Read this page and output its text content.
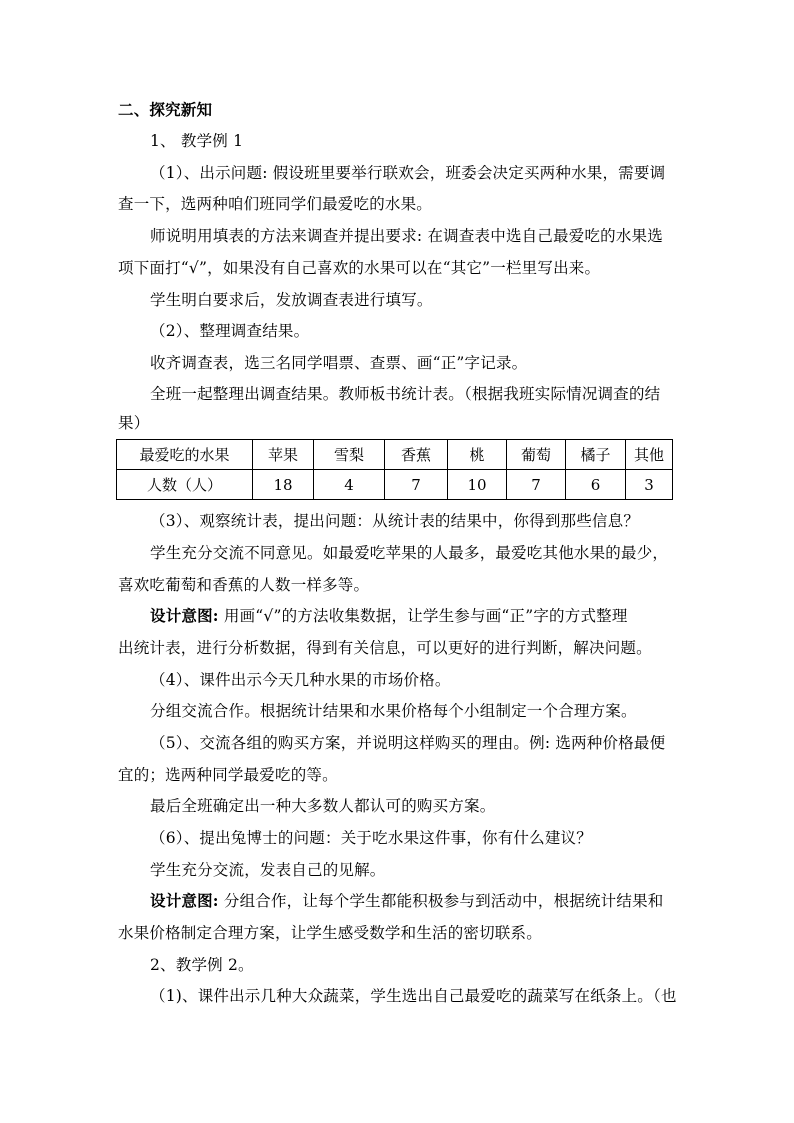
二、探究新知
1、 教学例 1
（1）、出示问题: 假设班里要举行联欢会，班委会决定买两种水果，需要调
查一下，选两种咱们班同学们最爱吃的水果。
师说明用填表的方法来调查并提出要求: 在调查表中选自己最爱吃的水果选
项下面打“√”，如果没有自己喜欢的水果可以在“其它”一栏里写出来。
学生明白要求后，发放调查表进行填写。
（2）、整理调查结果。
收齐调查表，选三名同学唱票、查票、画“正”字记录。
全班一起整理出调查结果。教师板书统计表。（根据我班实际情况调查的结
果）
最爱吃的水果	苹果	雪梨	香蕉	桃	葡萄	橘子	其他
人数（人）	18	4	7	10	7	6	3
（3）、观察统计表，提出问题：从统计表的结果中，你得到那些信息？
学生充分交流不同意见。如最爱吃苹果的人最多，最爱吃其他水果的最少，
喜欢吃葡萄和香蕉的人数一样多等。
设计意图: 用画“√”的方法收集数据，让学生参与画“正”字的方式整理
出统计表，进行分析数据，得到有关信息，可以更好的进行判断，解决问题。
（4）、课件出示今天几种水果的市场价格。
分组交流合作。根据统计结果和水果价格每个小组制定一个合理方案。
（5）、交流各组的购买方案，并说明这样购买的理由。例: 选两种价格最便
宜的；选两种同学最爱吃的等。
最后全班确定出一种大多数人都认可的购买方案。
（6）、提出兔博士的问题：关于吃水果这件事，你有什么建议？
学生充分交流，发表自己的见解。
设计意图: 分组合作，让每个学生都能积极参与到活动中，根据统计结果和
水果价格制定合理方案，让学生感受数学和生活的密切联系。
2、教学例 2。
（1)、课件出示几种大众蔬菜，学生选出自己最爱吃的蔬菜写在纸条上。（也
